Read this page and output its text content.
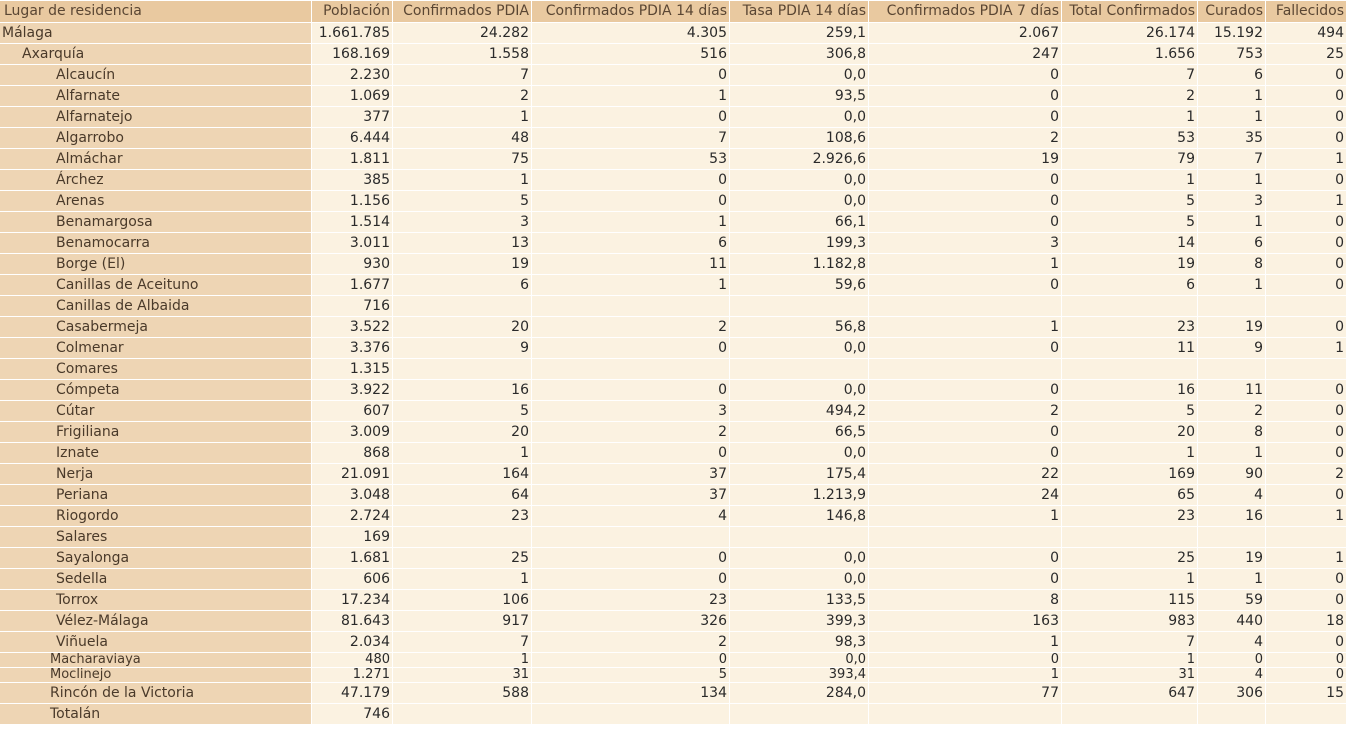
Lugar de residencia	Población	Confirmados PDIA	Confirmados PDIA 14 días	Tasa PDIA 14 días	Confirmados PDIA 7 días	Total Confirmados	Curados	Fallecidos
Málaga	1.661.785	24.282	4.305	259,1	2.067	26.174	15.192	494
Axarquía	168.169	1.558	516	306,8	247	1.656	753	25
Alcaucín	2.230	7	0	0,0	0	7	6	0
Alfarnate	1.069	2	1	93,5	0	2	1	0
Alfarnatejo	377	1	0	0,0	0	1	1	0
Algarrobo	6.444	48	7	108,6	2	53	35	0
Almáchar	1.811	75	53	2.926,6	19	79	7	1
Árchez	385	1	0	0,0	0	1	1	0
Arenas	1.156	5	0	0,0	0	5	3	1
Benamargosa	1.514	3	1	66,1	0	5	1	0
Benamocarra	3.011	13	6	199,3	3	14	6	0
Borge (El)	930	19	11	1.182,8	1	19	8	0
Canillas de Aceituno	1.677	6	1	59,6	0	6	1	0
Canillas de Albaida	716							
Casabermeja	3.522	20	2	56,8	1	23	19	0
Colmenar	3.376	9	0	0,0	0	11	9	1
Comares	1.315							
Cómpeta	3.922	16	0	0,0	0	16	11	0
Cútar	607	5	3	494,2	2	5	2	0
Frigiliana	3.009	20	2	66,5	0	20	8	0
Iznate	868	1	0	0,0	0	1	1	0
Nerja	21.091	164	37	175,4	22	169	90	2
Periana	3.048	64	37	1.213,9	24	65	4	0
Riogordo	2.724	23	4	146,8	1	23	16	1
Salares	169							
Sayalonga	1.681	25	0	0,0	0	25	19	1
Sedella	606	1	0	0,0	0	1	1	0
Torrox	17.234	106	23	133,5	8	115	59	0
Vélez-Málaga	81.643	917	326	399,3	163	983	440	18
Viñuela	2.034	7	2	98,3	1	7	4	0
Macharaviaya	480	1	0	0,0	0	1	0	0
Moclinejo	1.271	31	5	393,4	1	31	4	0
Rincón de la Victoria	47.179	588	134	284,0	77	647	306	15
Totalán	746							
